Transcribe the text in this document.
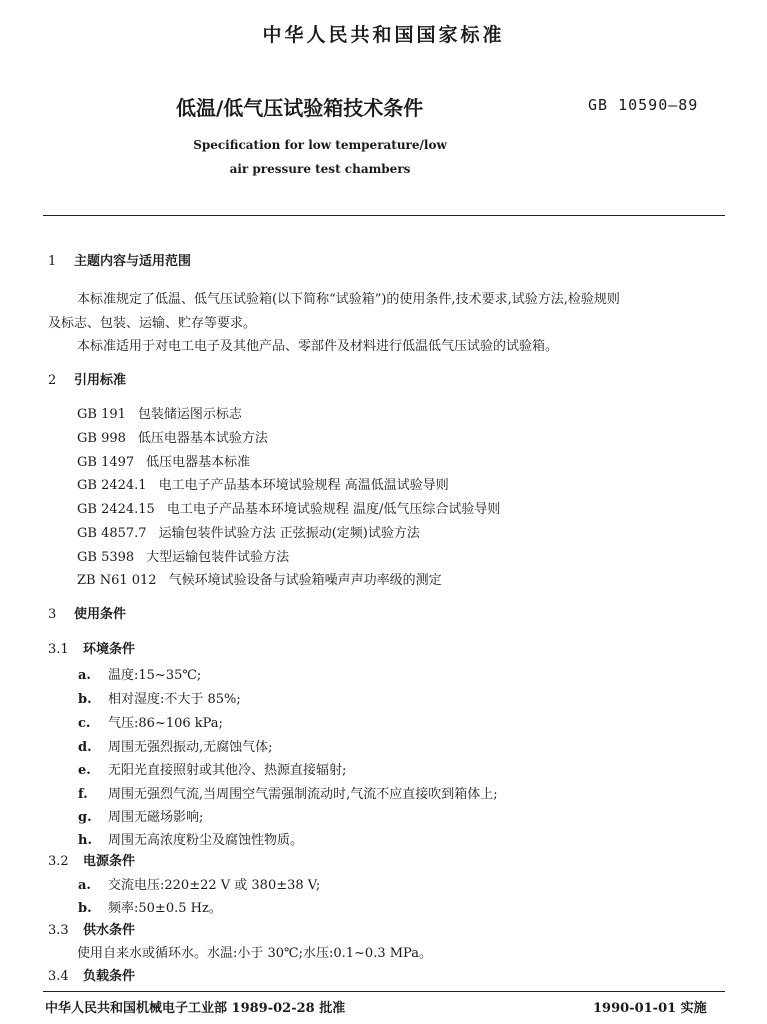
中华人民共和国国家标准
低温/低气压试验箱技术条件	GB 10590—89
Specification for low temperature/low
air pressure test chambers
1 主题内容与适用范围
本标准规定了低温、低气压试验箱(以下简称“试验箱”)的使用条件,技术要求,试验方法,检验规则
及标志、包装、运输、贮存等要求。
本标准适用于对电工电子及其他产品、零部件及材料进行低温低气压试验的试验箱。
2 引用标准
GB 191 包装储运图示标志
GB 998 低压电器基本试验方法
GB 1497 低压电器基本标准
GB 2424.1 电工电子产品基本环境试验规程 高温低温试验导则
GB 2424.15 电工电子产品基本环境试验规程 温度/低气压综合试验导则
GB 4857.7 运输包装件试验方法 正弦振动(定频)试验方法
GB 5398 大型运输包装件试验方法
ZB N61 012 气候环境试验设备与试验箱噪声声功率级的测定
3 使用条件
3.1 环境条件
a. 温度:15~35℃;
b. 相对湿度:不大于 85%;
c. 气压:86~106 kPa;
d. 周围无强烈振动,无腐蚀气体;
e. 无阳光直接照射或其他冷、热源直接辐射;
f. 周围无强烈气流,当周围空气需强制流动时,气流不应直接吹到箱体上;
g. 周围无磁场影响;
h. 周围无高浓度粉尘及腐蚀性物质。
3.2 电源条件
a. 交流电压:220±22 V 或 380±38 V;
b. 频率:50±0.5 Hz。
3.3 供水条件
使用自来水或循环水。水温:小于 30℃;水压:0.1~0.3 MPa。
3.4 负载条件
中华人民共和国机械电子工业部 1989-02-28 批准	1990-01-01 实施
